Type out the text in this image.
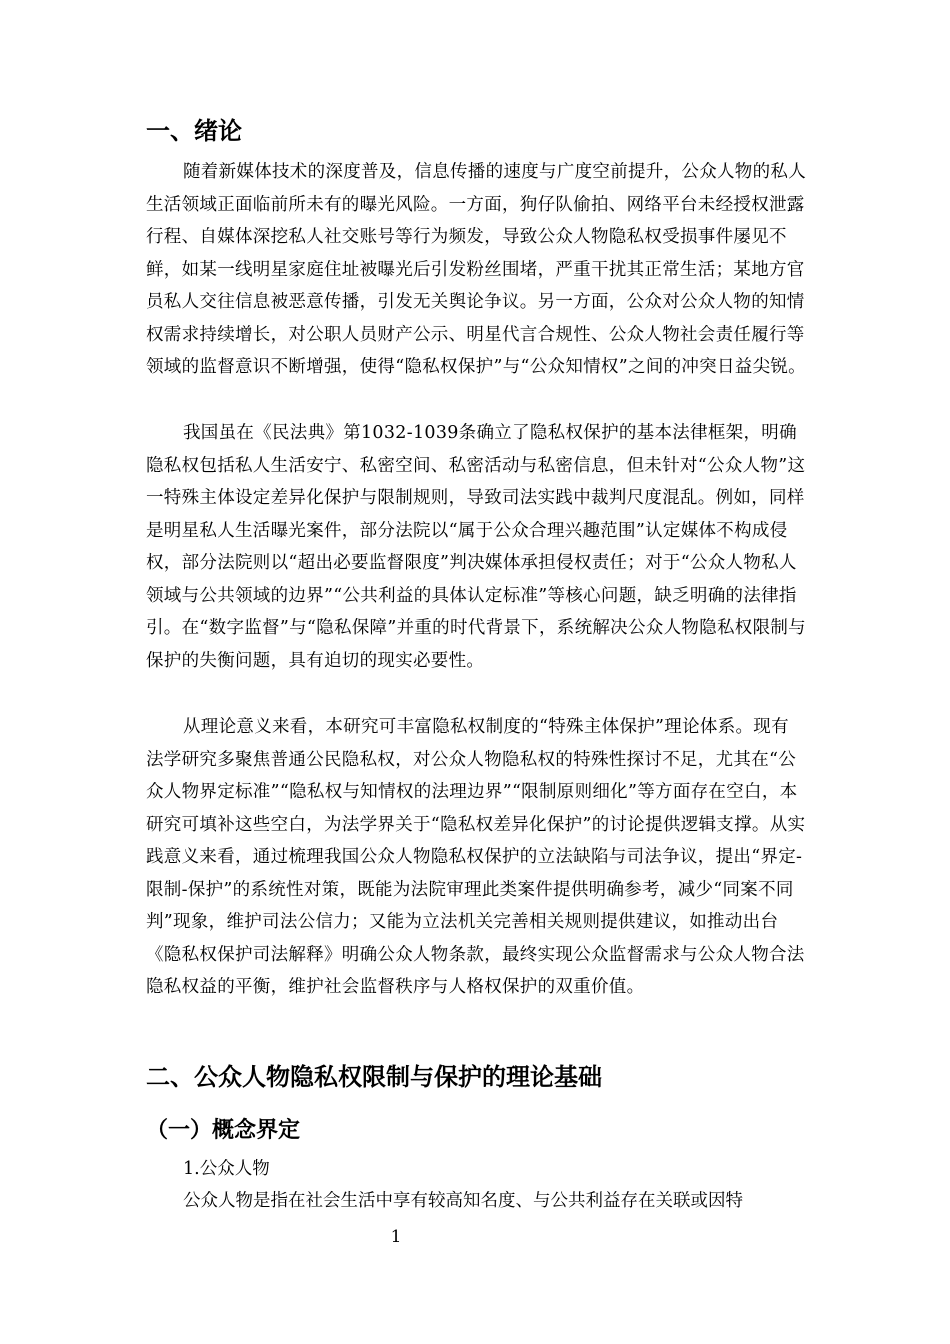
一、绪论

随着新媒体技术的深度普及，信息传播的速度与广度空前提升，公众人物的私人生活领域正面临前所未有的曝光风险。一方面，狗仔队偷拍、网络平台未经授权泄露行程、自媒体深挖私人社交账号等行为频发，导致公众人物隐私权受损事件屡见不鲜，如某一线明星家庭住址被曝光后引发粉丝围堵，严重干扰其正常生活；某地方官员私人交往信息被恶意传播，引发无关舆论争议。另一方面，公众对公众人物的知情权需求持续增长，对公职人员财产公示、明星代言合规性、公众人物社会责任履行等领域的监督意识不断增强，使得“隐私权保护”与“公众知情权”之间的冲突日益尖锐。

我国虽在《民法典》第1032-1039条确立了隐私权保护的基本法律框架，明确隐私权包括私人生活安宁、私密空间、私密活动与私密信息，但未针对“公众人物”这一特殊主体设定差异化保护与限制规则，导致司法实践中裁判尺度混乱。例如，同样是明星私人生活曝光案件，部分法院以“属于公众合理兴趣范围”认定媒体不构成侵权，部分法院则以“超出必要监督限度”判决媒体承担侵权责任；对于“公众人物私人领域与公共领域的边界”“公共利益的具体认定标准”等核心问题，缺乏明确的法律指引。在“数字监督”与“隐私保障”并重的时代背景下，系统解决公众人物隐私权限制与保护的失衡问题，具有迫切的现实必要性。

从理论意义来看，本研究可丰富隐私权制度的“特殊主体保护”理论体系。现有法学研究多聚焦普通公民隐私权，对公众人物隐私权的特殊性探讨不足，尤其在“公众人物界定标准”“隐私权与知情权的法理边界”“限制原则细化”等方面存在空白，本研究可填补这些空白，为法学界关于“隐私权差异化保护”的讨论提供逻辑支撑。从实践意义来看，通过梳理我国公众人物隐私权保护的立法缺陷与司法争议，提出“界定-限制-保护”的系统性对策，既能为法院审理此类案件提供明确参考，减少“同案不同判”现象，维护司法公信力；又能为立法机关完善相关规则提供建议，如推动出台《隐私权保护司法解释》明确公众人物条款，最终实现公众监督需求与公众人物合法隐私权益的平衡，维护社会监督秩序与人格权保护的双重价值。

二、公众人物隐私权限制与保护的理论基础
（一）概念界定

1.公众人物

公众人物是指在社会生活中享有较高知名度、与公共利益存在关联或因特

1
